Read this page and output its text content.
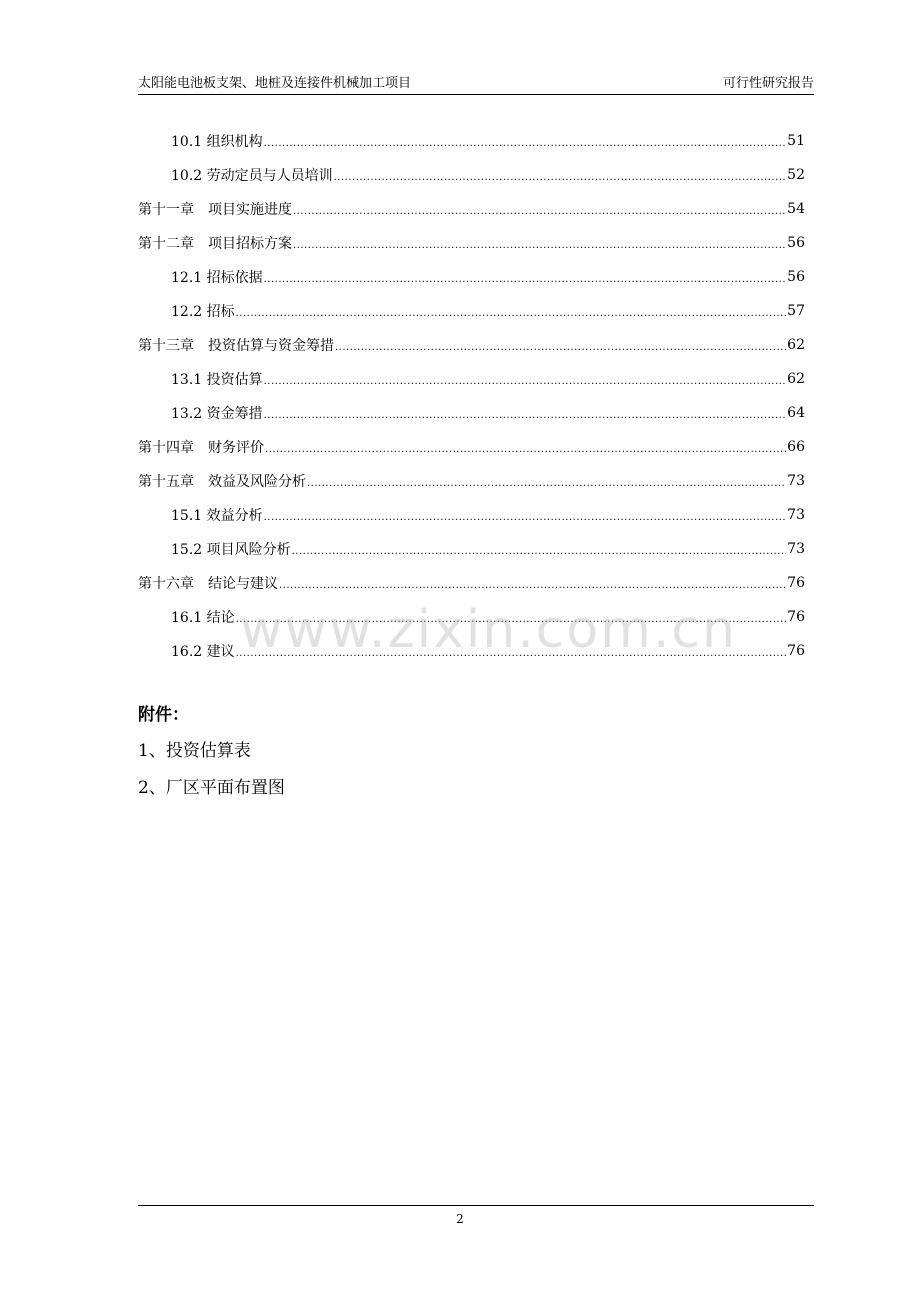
太阳能电池板支架、地桩及连接件机械加工项目	可行性研究报告
10.1 组织机构 .....	51
10.2 劳动定员与人员培训 .....	52
第十一章　项目实施进度 .....	54
第十二章　项目招标方案 .....	56
12.1 招标依据 .....	56
12.2 招标 .....	57
第十三章　投资估算与资金筹措 .....	62
13.1 投资估算 .....	62
13.2 资金筹措 .....	64
第十四章　财务评价 .....	66
第十五章　效益及风险分析 .....	73
15.1 效益分析 .....	73
15.2 项目风险分析 .....	73
第十六章　结论与建议 .....	76
16.1 结论 .....	76
16.2 建议 .....	76
www.zixin.com.cn
附件：
1、投资估算表
2、厂区平面布置图
2
